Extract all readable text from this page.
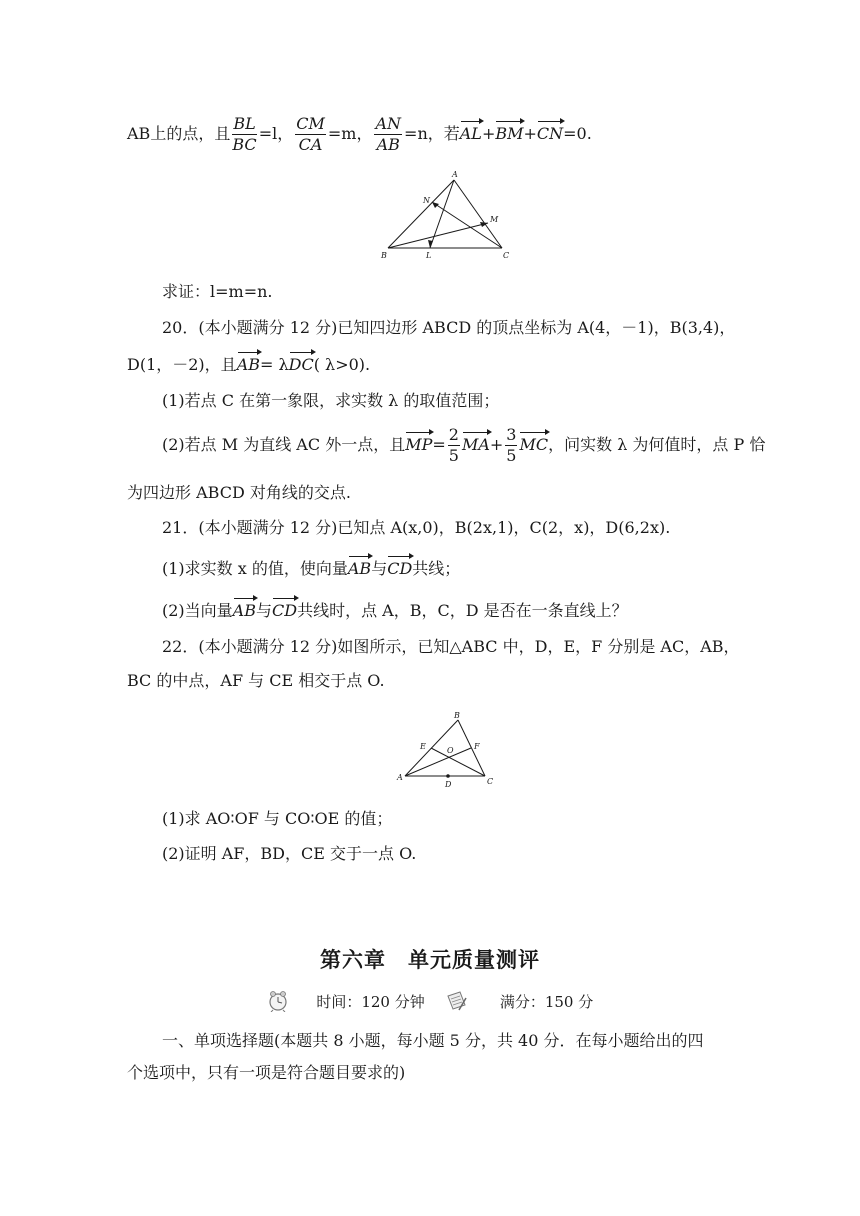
AB上的点，且 $\frac{BL}{BC} =l$， $\frac{CM}{CA} =m$， $\frac{AN}{AB} =n$，若AL+BM+CN=0.
A
B	C
L
M
N
求证：l=m=n.
20．(本小题满分 12 分)已知四边形 ABCD 的顶点坐标为 A(4，－1)，B(3,4)，
D(1，－2)，且AB= λDC( λ>0).
(1)若点 C 在第一象限，求实数 λ 的取值范围；
(2)若点 M 为直线 AC 外一点，且$MP= \frac{2}{5} MA+ \frac{3}{5}$ MC，问实数 λ 为何值时，点 P 恰
为四边形 ABCD 对角线的交点.
21．(本小题满分 12 分)已知点 A(x,0)，B(2x,1)，C(2，x)，D(6,2x).
(1)求实数 x 的值，使向量AB与CD共线；
(2)当向量AB与CD共线时，点 A，B，C，D 是否在一条直线上？
22．(本小题满分 12 分)如图所示，已知△ABC 中，D，E，F 分别是 AC，AB，
BC 的中点，AF 与 CE 相交于点 O.
B
A	C
D
E	F
O
(1)求 AO∶OF 与 CO∶OE 的值；
(2)证明 AF，BD，CE 交于一点 O.
第六章 单元质量测评
时间：120 分钟	满分：150 分
一、单项选择题(本题共 8 小题，每小题 5 分，共 40 分．在每小题给出的四
个选项中，只有一项是符合题目要求的)
